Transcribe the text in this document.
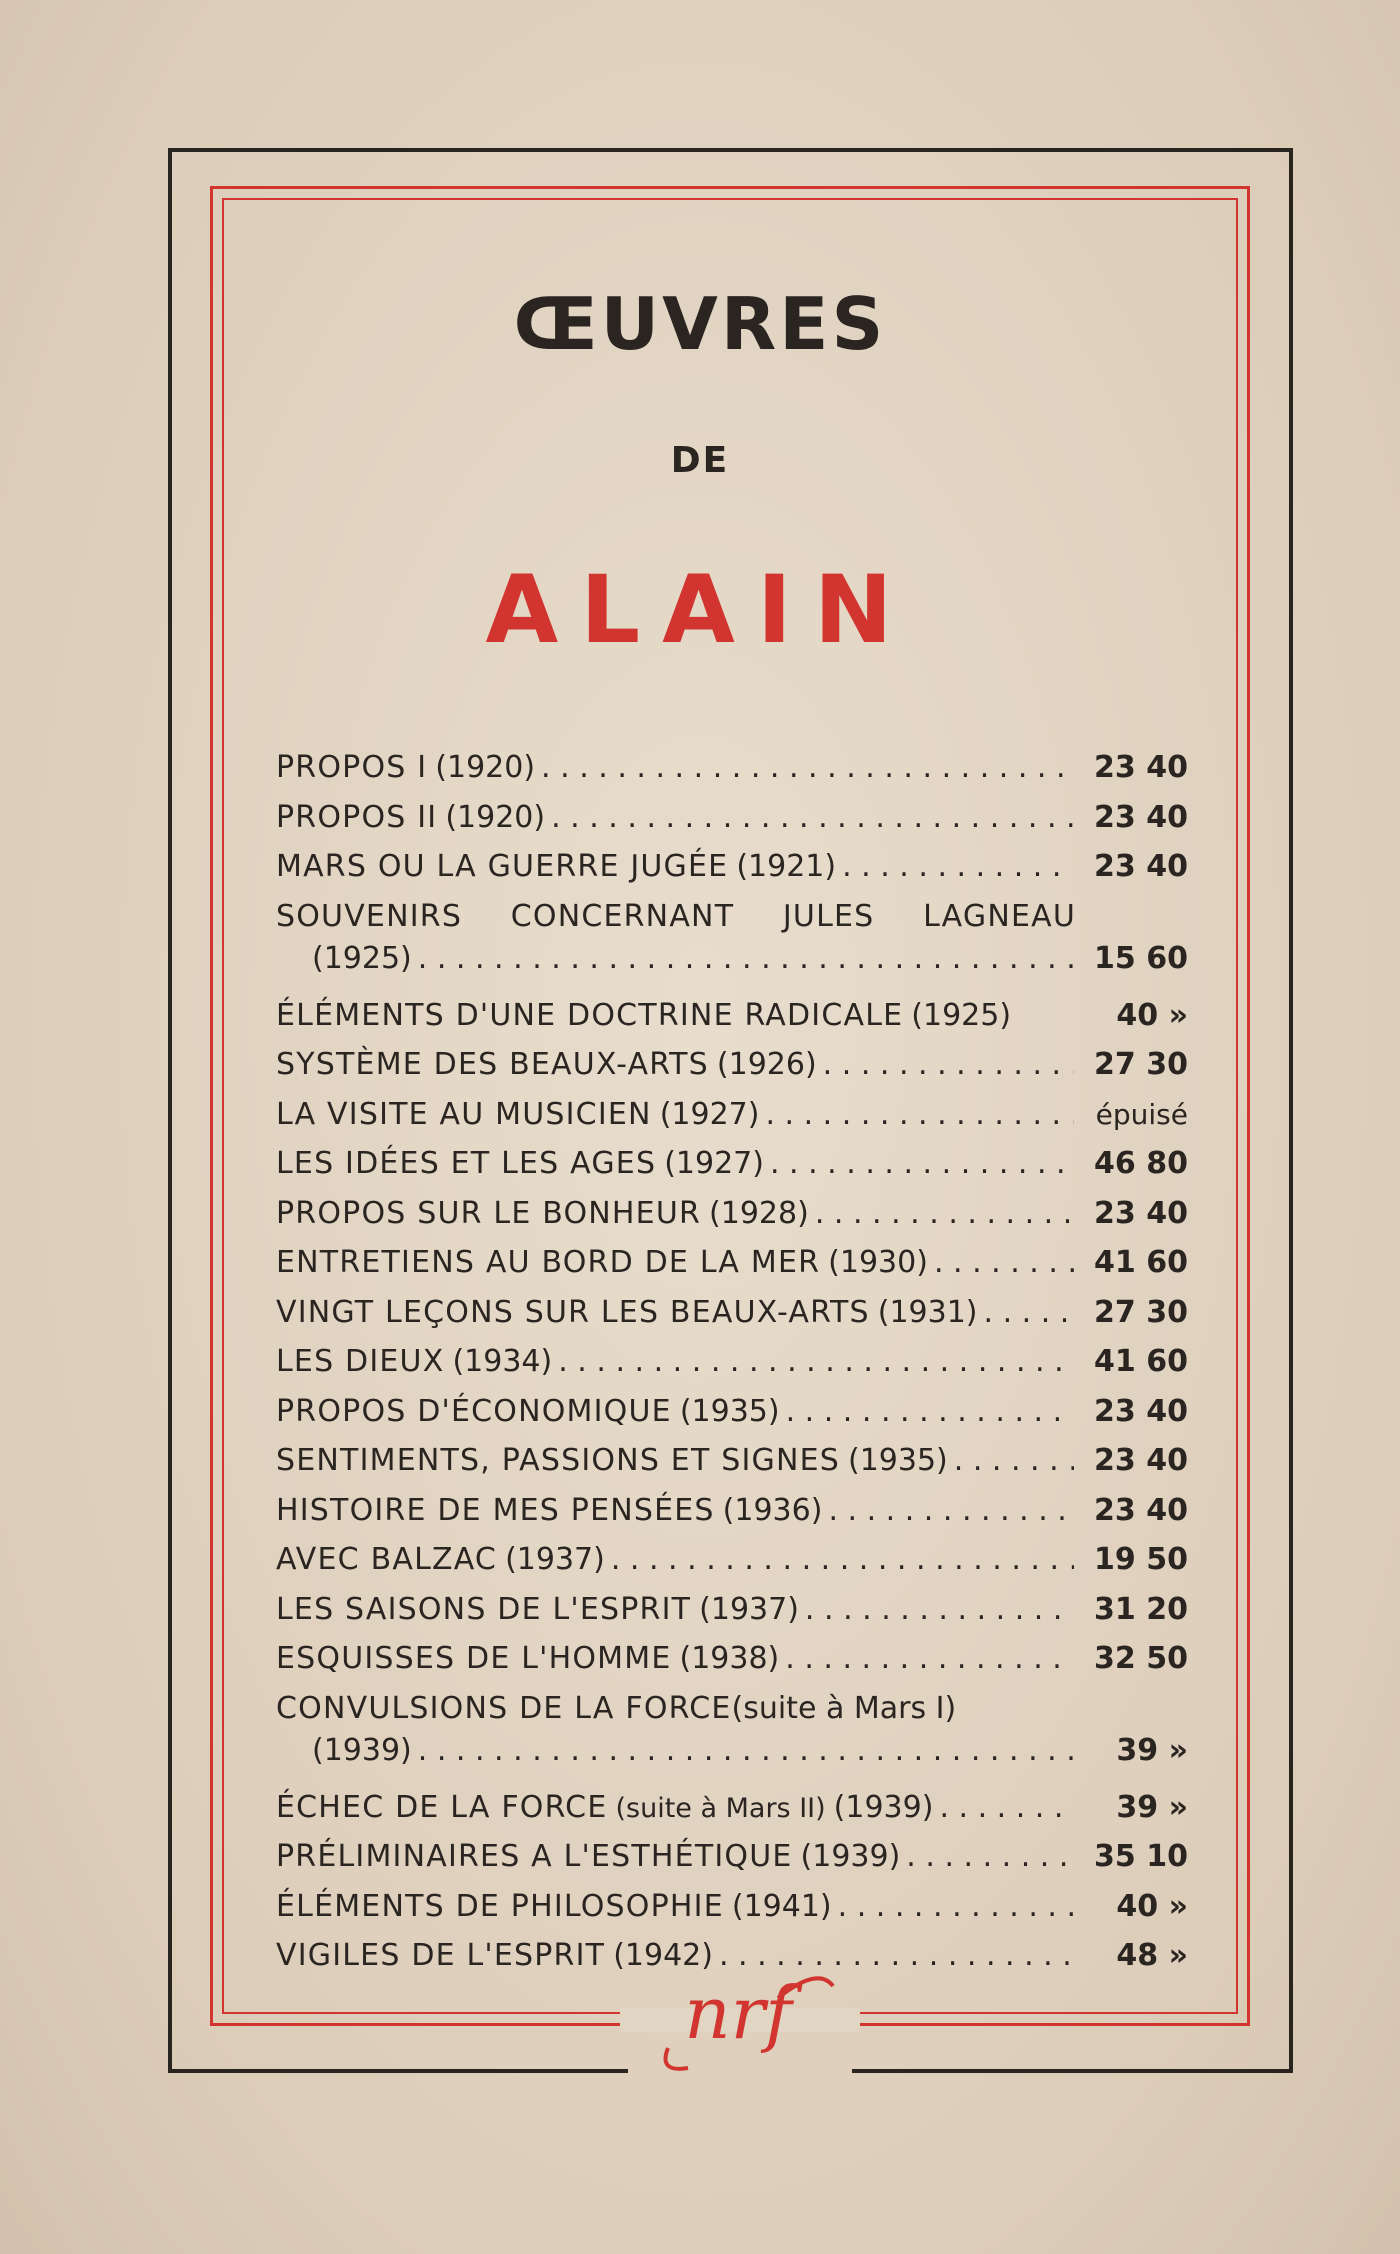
ŒUVRES
DE
ALAIN
PROPOS I (1920) . . .	23 40
PROPOS II (1920) . . .	23 40
MARS OU LA GUERRE JUGÉE (1921) . . .	23 40
SOUVENIRS CONCERNANT JULES LAGNEAU
(1925) . . .	15 60
ÉLÉMENTS D'UNE DOCTRINE RADICALE (1925)	40 »
SYSTÈME DES BEAUX-ARTS (1926) . . .	27 30
LA VISITE AU MUSICIEN (1927) . . .	épuisé
LES IDÉES ET LES AGES (1927) . . .	46 80
PROPOS SUR LE BONHEUR (1928) . . .	23 40
ENTRETIENS AU BORD DE LA MER (1930) . . .	41 60
VINGT LEÇONS SUR LES BEAUX-ARTS (1931) . . .	27 30
LES DIEUX (1934) . . .	41 60
PROPOS D'ÉCONOMIQUE (1935) . . .	23 40
SENTIMENTS, PASSIONS ET SIGNES (1935) . . .	23 40
HISTOIRE DE MES PENSÉES (1936) . . .	23 40
AVEC BALZAC (1937) . . .	19 50
LES SAISONS DE L'ESPRIT (1937) . . .	31 20
ESQUISSES DE L'HOMME (1938) . . .	32 50
CONVULSIONS DE LA FORCE (suite à Mars I)
(1939) . . .	39 »
ÉCHEC DE LA FORCE (suite à Mars II) (1939) . . .	39 »
PRÉLIMINAIRES A L'ESTHÉTIQUE (1939) . . .	35 10
ÉLÉMENTS DE PHILOSOPHIE (1941) . . .	40 »
VIGILES DE L'ESPRIT (1942) . . .	48 »
nrf
